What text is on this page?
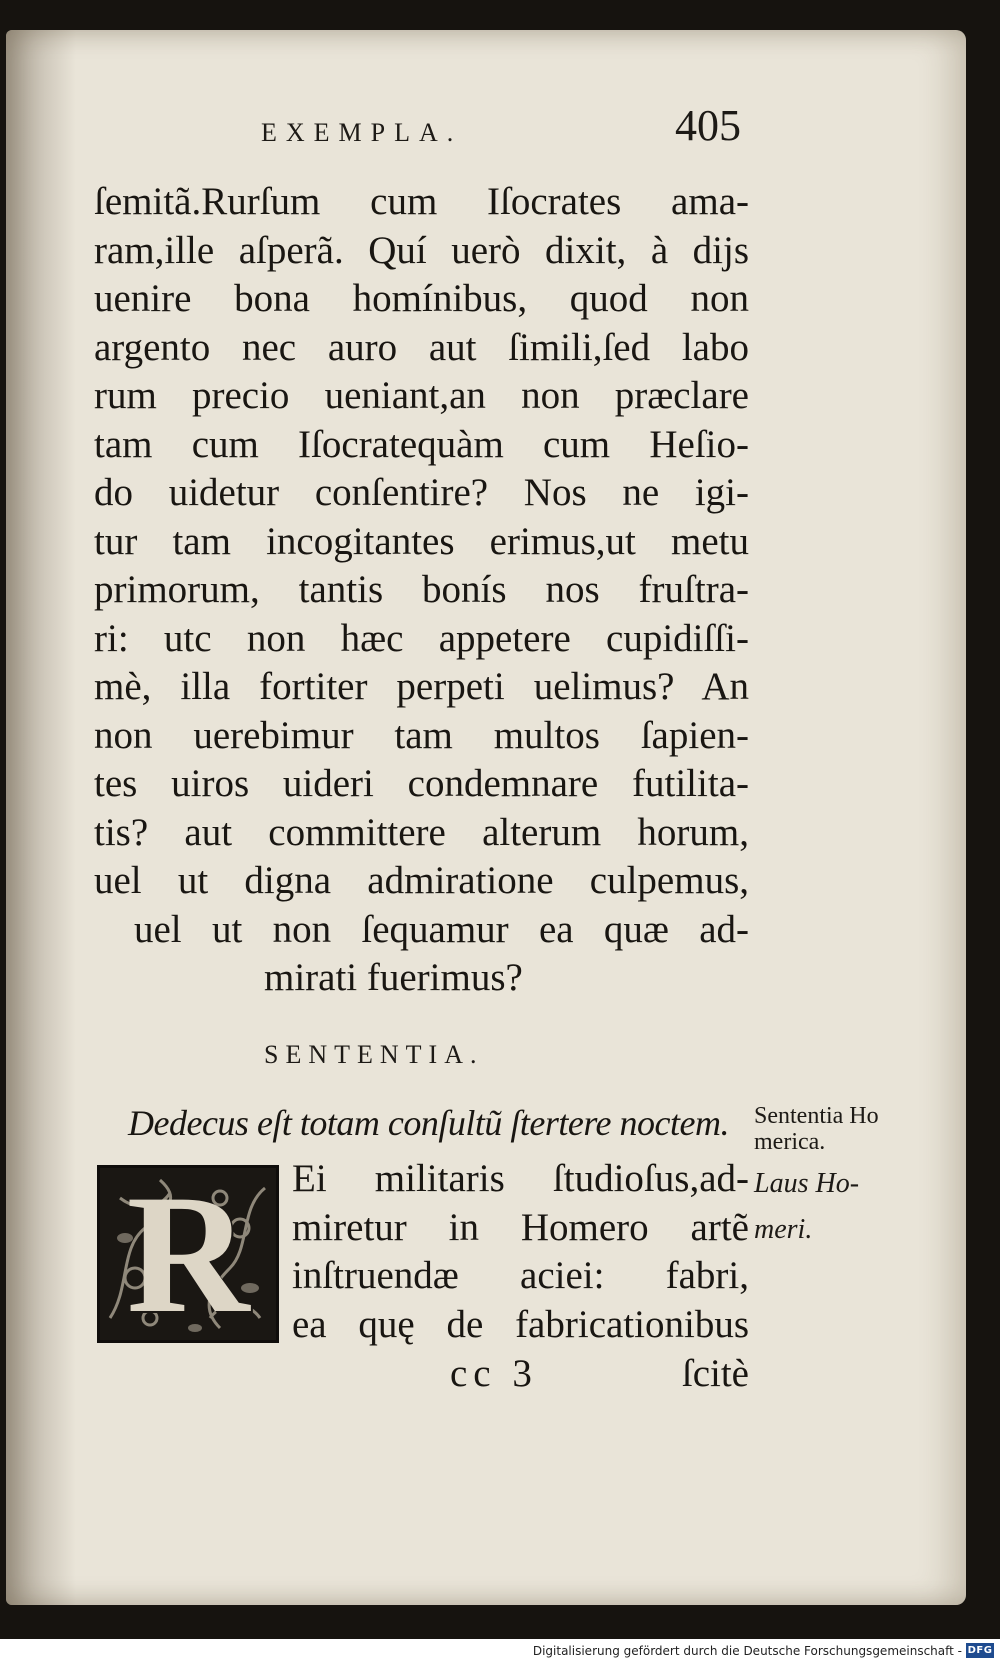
EXEMPLA.	405
ſemitã.Rurſum cum Iſocrates ama-
ram,ille aſperã. Quí uerò dixit, à dijs
uenire bona homínibus, quod non
argento nec auro aut ſimili,ſed labo
rum precio ueniant,an non præclare
tam cum Iſocratequàm cum Heſio-
do uidetur conſentire? Nos ne igi-
tur tam incogitantes erimus,ut metu
primorum, tantis bonís nos fruſtra-
ri: utc non hæc appetere cupidiſſi-
mè, illa fortiter perpeti uelimus? An
non uerebimur tam multos ſapien-
tes uiros uideri condemnare futilita-
tis? aut committere alterum horum,
uel ut digna admiratione culpemus,
uel ut non ſequamur ea quæ ad-
mirati fuerimus?
SENTENTIA.
Dedecus eſt totam conſultũ ſtertere noctem.
R	Ei militaris ſtudioſus,ad-
miretur in Homero artẽ
inſtruendæ aciei: fabri,
ea quę de fabricationibus
cc 3	ſcitè
Sententia Ho
merica.
Laus Ho-
meri.
Digitalisierung gefördert durch die Deutsche Forschungsgemeinschaft - DFG
